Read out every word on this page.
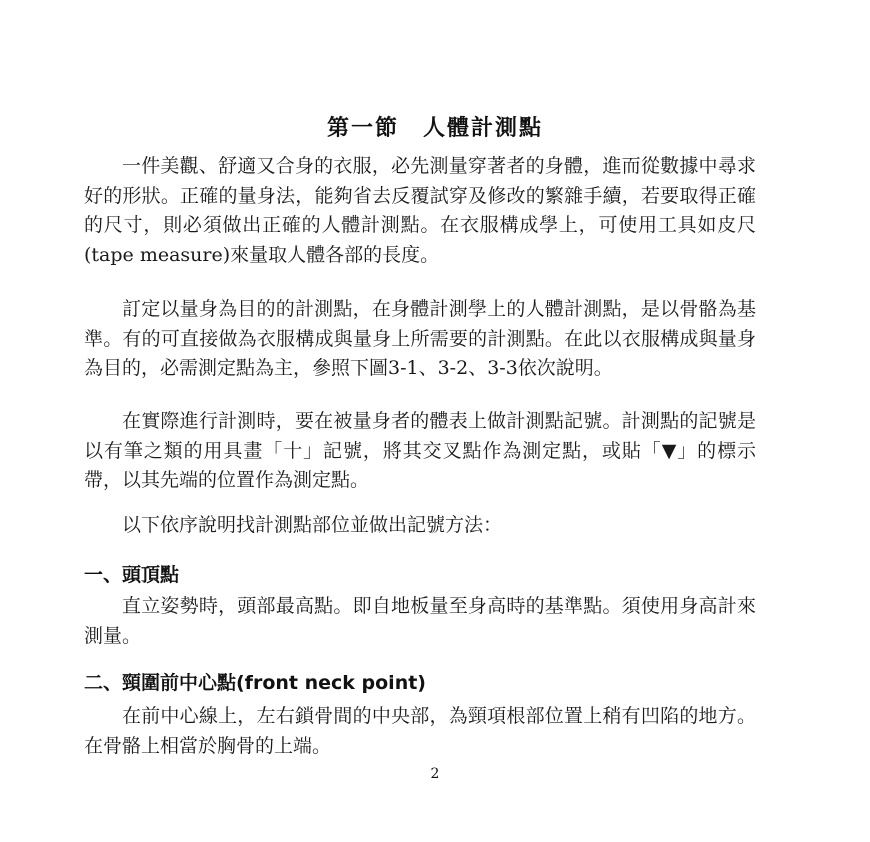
第一節　人體計測點

一件美觀、舒適又合身的衣服，必先測量穿著者的身體，進而從數據中尋求好的形狀。正確的量身法，能夠省去反覆試穿及修改的繁雜手續，若要取得正確的尺寸，則必須做出正確的人體計測點。在衣服構成學上，可使用工具如皮尺(tape measure)來量取人體各部的長度。

訂定以量身為目的的計測點，在身體計測學上的人體計測點，是以骨骼為基準。有的可直接做為衣服構成與量身上所需要的計測點。在此以衣服構成與量身為目的，必需測定點為主，參照下圖3-1、3-2、3-3依次說明。

在實際進行計測時，要在被量身者的體表上做計測點記號。計測點的記號是以有筆之類的用具畫「十」記號，將其交叉點作為測定點，或貼「▼」的標示帶，以其先端的位置作為測定點。

以下依序說明找計測點部位並做出記號方法：

一、頭頂點

直立姿勢時，頭部最高點。即自地板量至身高時的基準點。須使用身高計來測量。

二、頸圍前中心點(front neck point)

在前中心線上，左右鎖骨間的中央部，為頸項根部位置上稍有凹陷的地方。在骨骼上相當於胸骨的上端。

2
